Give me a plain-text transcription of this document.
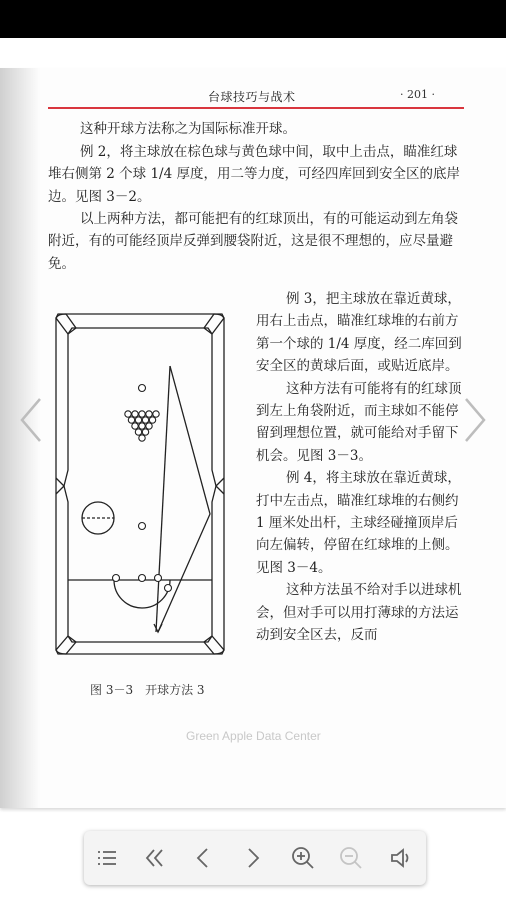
台球技巧与战术	· 201 ·

这种开球方法称之为国际标准开球。

例 2，将主球放在棕色球与黄色球中间，取中上击点，瞄准红球堆右侧第 2 个球 1/4 厚度，用二等力度，可经四库回到安全区的底岸边。见图 3－2。

以上两种方法，都可能把有的红球顶出，有的可能运动到左角袋附近，有的可能经顶岸反弹到腰袋附近，这是很不理想的，应尽量避免。

例 3，把主球放在靠近黄球，用右上击点，瞄准红球堆的右前方第一个球的 1/4 厚度，经二库回到安全区的黄球后面，或贴近底岸。

这种方法有可能将有的红球顶到左上角袋附近，而主球如不能停留到理想位置，就可能给对手留下机会。见图 3－3。

例 4，将主球放在靠近黄球，打中左击点，瞄准红球堆的右侧约 1 厘米处出杆，主球经碰撞顶岸后向左偏转，停留在红球堆的上侧。见图 3－4。

这种方法虽不给对手以进球机会，但对手可以用打薄球的方法运动到安全区去，反而

图 3－3　开球方法 3
Green Apple Data Center
